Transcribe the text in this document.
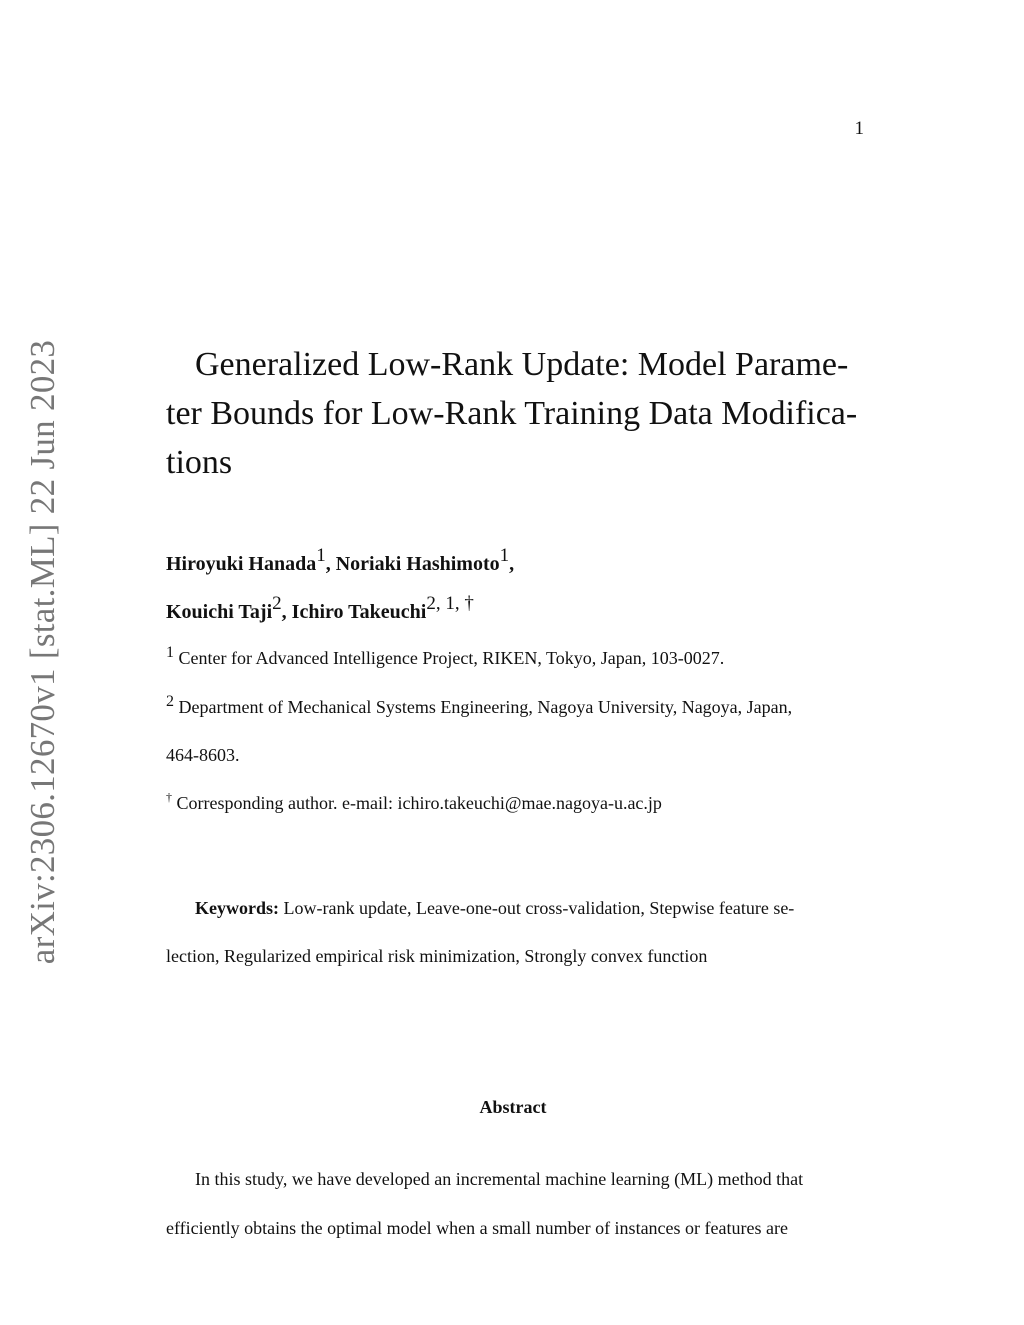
1
arXiv:2306.12670v1 [stat.ML] 22 Jun 2023	Generalized Low-Rank Update: Model Parame-
ter Bounds for Low-Rank Training Data Modifica-
tions
Hiroyuki Hanada$^1$, Noriaki Hashimoto$^1$,
Kouichi Taji$^2$, Ichiro Takeuchi$^{2, 1, \dagger}$
$^1$ Center for Advanced Intelligence Project, RIKEN, Tokyo, Japan, 103-0027.
$^2$ Department of Mechanical Systems Engineering, Nagoya University, Nagoya, Japan,
464-8603.
† Corresponding author. e-mail: ichiro.takeuchi@mae.nagoya-u.ac.jp
Keywords: Low-rank update, Leave-one-out cross-validation, Stepwise feature se-
lection, Regularized empirical risk minimization, Strongly convex function
Abstract
In this study, we have developed an incremental machine learning (ML) method that
efficiently obtains the optimal model when a small number of instances or features are
